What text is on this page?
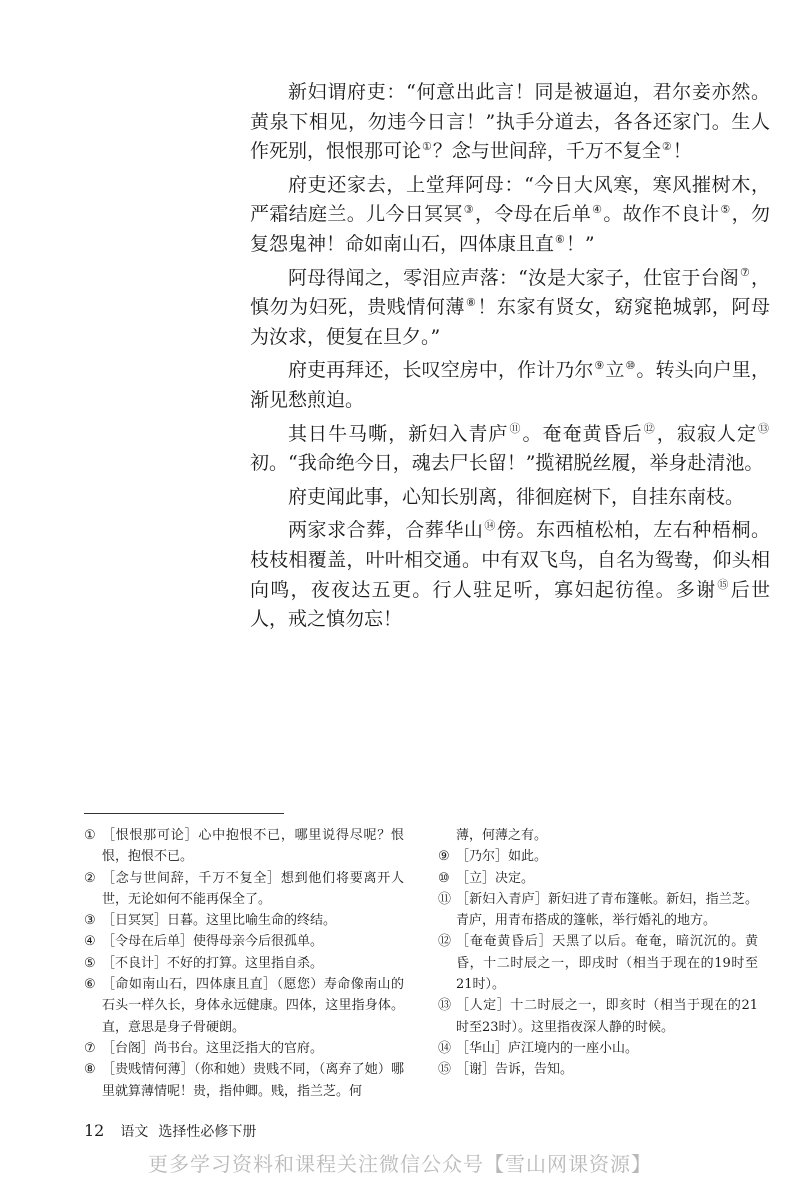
新妇谓府吏：“何意出此言！同是被逼迫，君尔妾亦然。黄泉下相见，勿违今日言！”执手分道去，各各还家门。生人作死别，恨恨那可论①？念与世间辞，千万不复全②！

府吏还家去，上堂拜阿母：“今日大风寒，寒风摧树木，严霜结庭兰。儿今日冥冥③，令母在后单④。故作不良计⑤，勿复怨鬼神！命如南山石，四体康且直⑥！”

阿母得闻之，零泪应声落：“汝是大家子，仕宦于台阁⑦，慎勿为妇死，贵贱情何薄⑧！东家有贤女，窈窕艳城郭，阿母为汝求，便复在旦夕。”

府吏再拜还，长叹空房中，作计乃尔⑨立⑩。转头向户里，渐见愁煎迫。

其日牛马嘶，新妇入青庐⑪。奄奄黄昏后⑫，寂寂人定⑬初。“我命绝今日，魂去尸长留！”揽裙脱丝履，举身赴清池。

府吏闻此事，心知长别离，徘徊庭树下，自挂东南枝。

两家求合葬，合葬华山⑭傍。东西植松柏，左右种梧桐。枝枝相覆盖，叶叶相交通。中有双飞鸟，自名为鸳鸯，仰头相向鸣，夜夜达五更。行人驻足听，寡妇起彷徨。多谢⑮后世人，戒之慎勿忘！

① ［恨恨那可论］心中抱恨不已，哪里说得尽呢？恨恨，抱恨不已。
② ［念与世间辞，千万不复全］想到他们将要离开人世，无论如何不能再保全了。
③ ［日冥冥］日暮。这里比喻生命的终结。
④ ［令母在后单］使得母亲今后很孤单。
⑤ ［不良计］不好的打算。这里指自杀。
⑥ ［命如南山石，四体康且直］（愿您）寿命像南山的石头一样久长，身体永远健康。四体，这里指身体。直，意思是身子骨硬朗。
⑦ ［台阁］尚书台。这里泛指大的官府。
⑧ ［贵贱情何薄］（你和她）贵贱不同，（离弃了她）哪里就算薄情呢！贵，指仲卿。贱，指兰芝。何

薄，何薄之有。

⑨ ［乃尔］如此。
⑩ ［立］决定。
⑪ ［新妇入青庐］新妇进了青布篷帐。新妇，指兰芝。青庐，用青布搭成的篷帐，举行婚礼的地方。
⑫ ［奄奄黄昏后］天黑了以后。奄奄，暗沉沉的。黄昏，十二时辰之一，即戌时（相当于现在的19时至21时）。
⑬ ［人定］十二时辰之一，即亥时（相当于现在的21时至23时）。这里指夜深人静的时候。
⑭ ［华山］庐江境内的一座小山。
⑮ ［谢］告诉，告知。
12 语文 选择性必修下册
更多学习资料和课程关注微信公众号【雪山网课资源】
